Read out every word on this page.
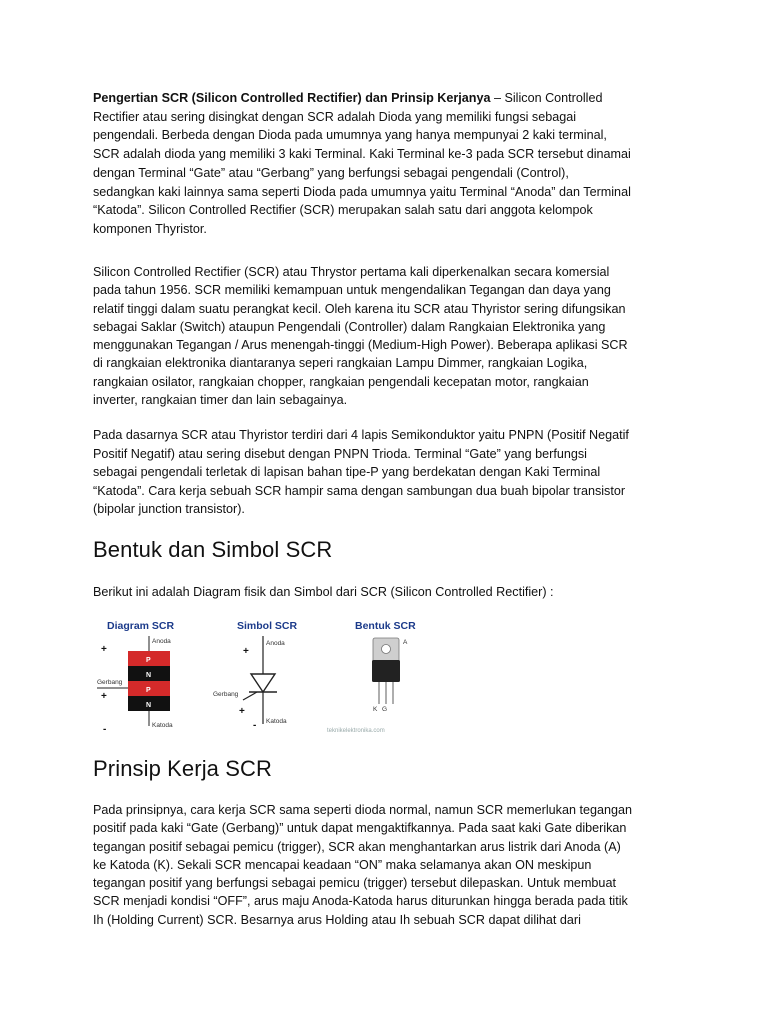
Pengertian SCR (Silicon Controlled Rectifier) dan Prinsip Kerjanya – Silicon Controlled
Rectifier atau sering disingkat dengan SCR adalah Dioda yang memiliki fungsi sebagai
pengendali. Berbeda dengan Dioda pada umumnya yang hanya mempunyai 2 kaki terminal,
SCR adalah dioda yang memiliki 3 kaki Terminal. Kaki Terminal ke-3 pada SCR tersebut dinamai
dengan Terminal “Gate” atau “Gerbang” yang berfungsi sebagai pengendali (Control),
sedangkan kaki lainnya sama seperti Dioda pada umumnya yaitu Terminal “Anoda” dan Terminal
“Katoda”. Silicon Controlled Rectifier (SCR) merupakan salah satu dari anggota kelompok
komponen Thyristor.

Silicon Controlled Rectifier (SCR) atau Thrystor pertama kali diperkenalkan secara komersial
pada tahun 1956. SCR memiliki kemampuan untuk mengendalikan Tegangan dan daya yang
relatif tinggi dalam suatu perangkat kecil. Oleh karena itu SCR atau Thyristor sering difungsikan
sebagai Saklar (Switch) ataupun Pengendali (Controller) dalam Rangkaian Elektronika yang
menggunakan Tegangan / Arus menengah-tinggi (Medium-High Power). Beberapa aplikasi SCR
di rangkaian elektronika diantaranya seperi rangkaian Lampu Dimmer, rangkaian Logika,
rangkaian osilator, rangkaian chopper, rangkaian pengendali kecepatan motor, rangkaian
inverter, rangkaian timer dan lain sebagainya.

Pada dasarnya SCR atau Thyristor terdiri dari 4 lapis Semikonduktor yaitu PNPN (Positif Negatif
Positif Negatif) atau sering disebut dengan PNPN Trioda. Terminal “Gate” yang berfungsi
sebagai pengendali terletak di lapisan bahan tipe-P yang berdekatan dengan Kaki Terminal
“Katoda”. Cara kerja sebuah SCR hampir sama dengan sambungan dua buah bipolar transistor
(bipolar junction transistor).

Bentuk dan Simbol SCR

Berikut ini adalah Diagram fisik dan Simbol dari SCR (Silicon Controlled Rectifier) :

Diagram SCR
Anoda
+
P
N
P
N
Gerbang
+
Katoda
-
Simbol SCR
Anoda
+
Gerbang
+
Katoda
-
Bentuk SCR
A
K G
teknikelektronika.com
Prinsip Kerja SCR

Pada prinsipnya, cara kerja SCR sama seperti dioda normal, namun SCR memerlukan tegangan
positif pada kaki “Gate (Gerbang)” untuk dapat mengaktifkannya. Pada saat kaki Gate diberikan
tegangan positif sebagai pemicu (trigger), SCR akan menghantarkan arus listrik dari Anoda (A)
ke Katoda (K). Sekali SCR mencapai keadaan “ON” maka selamanya akan ON meskipun
tegangan positif yang berfungsi sebagai pemicu (trigger) tersebut dilepaskan. Untuk membuat
SCR menjadi kondisi “OFF”, arus maju Anoda-Katoda harus diturunkan hingga berada pada titik
Ih (Holding Current) SCR. Besarnya arus Holding atau Ih sebuah SCR dapat dilihat dari
